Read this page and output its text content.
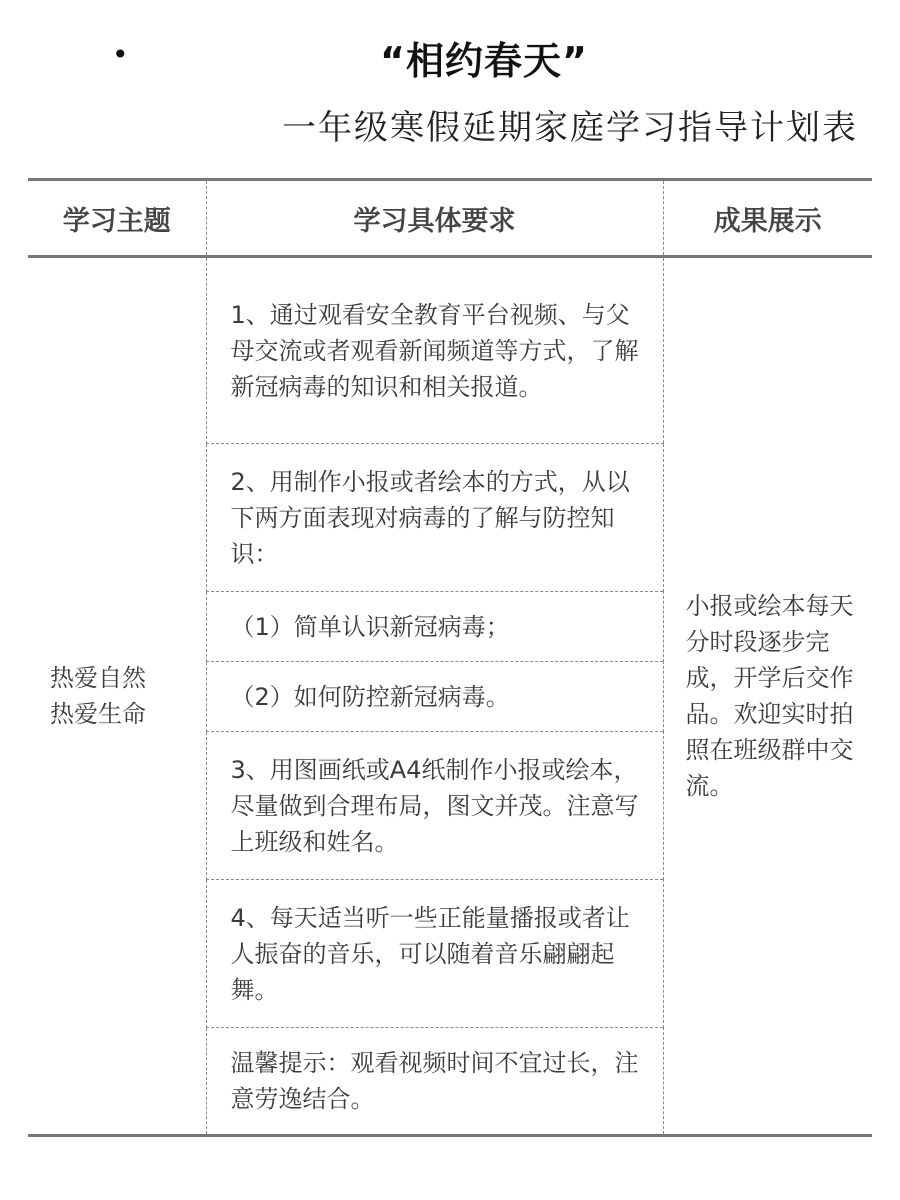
•	“相约春天”
一年级寒假延期家庭学习指导计划表
学习主题	学习具体要求	成果展示

热爱自然
热爱生命	1、通过观看安全教育平台视频、与父母交流或者观看新闻频道等方式，了解新冠病毒的知识和相关报道。	小报或绘本每天分时段逐步完成，开学后交作品。欢迎实时拍照在班级群中交流。

	2、用制作小报或者绘本的方式，从以下两方面表现对病毒的了解与防控知识：	

	（1）简单认识新冠病毒；	

	（2）如何防控新冠病毒。	

	3、用图画纸或A4纸制作小报或绘本，尽量做到合理布局，图文并茂。注意写上班级和姓名。	

	4、每天适当听一些正能量播报或者让人振奋的音乐，可以随着音乐翩翩起舞。	

	温馨提示：观看视频时间不宜过长，注意劳逸结合。	
